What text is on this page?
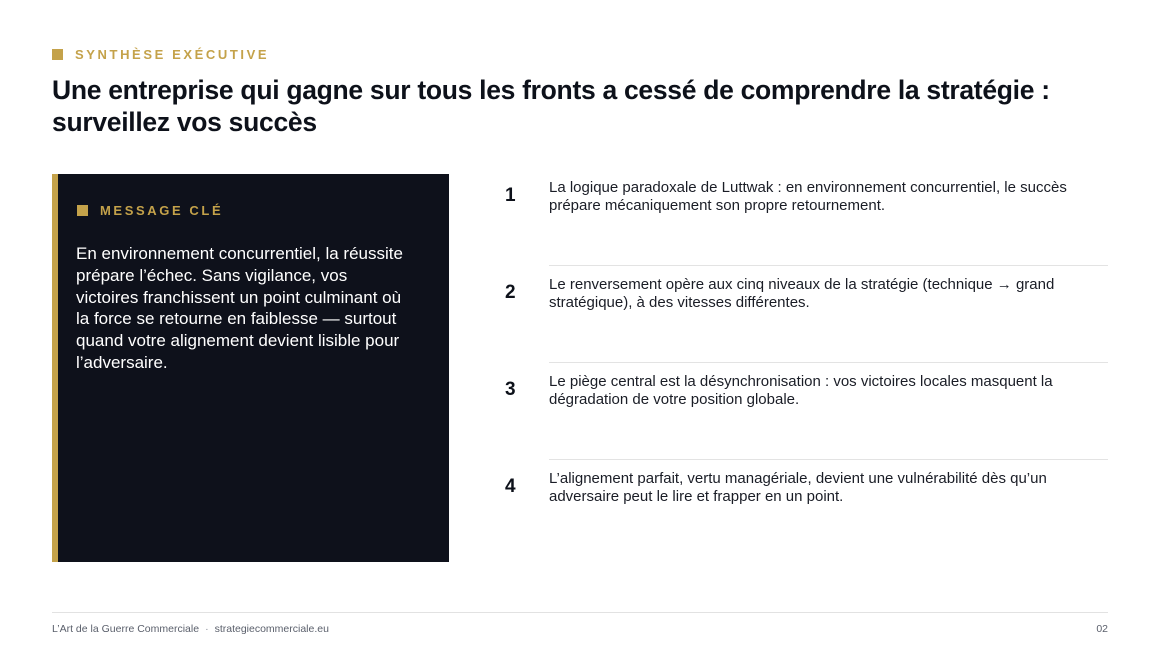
SYNTHÈSE EXÉCUTIVE
Une entreprise qui gagne sur tous les fronts a cessé de comprendre la stratégie : surveillez vos succès
MESSAGE CLÉ

En environnement concurrentiel, la réussite prépare l’échec. Sans vigilance, vos victoires franchissent un point culminant où la force se retourne en faiblesse — surtout quand votre alignement devient lisible pour l’adversaire.

1 La logique paradoxale de Luttwak : en environnement concurrentiel, le succès prépare mécaniquement son propre retournement.

2 Le renversement opère aux cinq niveaux de la stratégie (technique → grand stratégique), à des vitesses différentes.

3 Le piège central est la désynchronisation : vos victoires locales masquent la dégradation de votre position globale.

4 L’alignement parfait, vertu managériale, devient une vulnérabilité dès qu’un adversaire peut le lire et frapper en un point.

L’Art de la Guerre Commerciale · strategiecommerciale.eu	02
